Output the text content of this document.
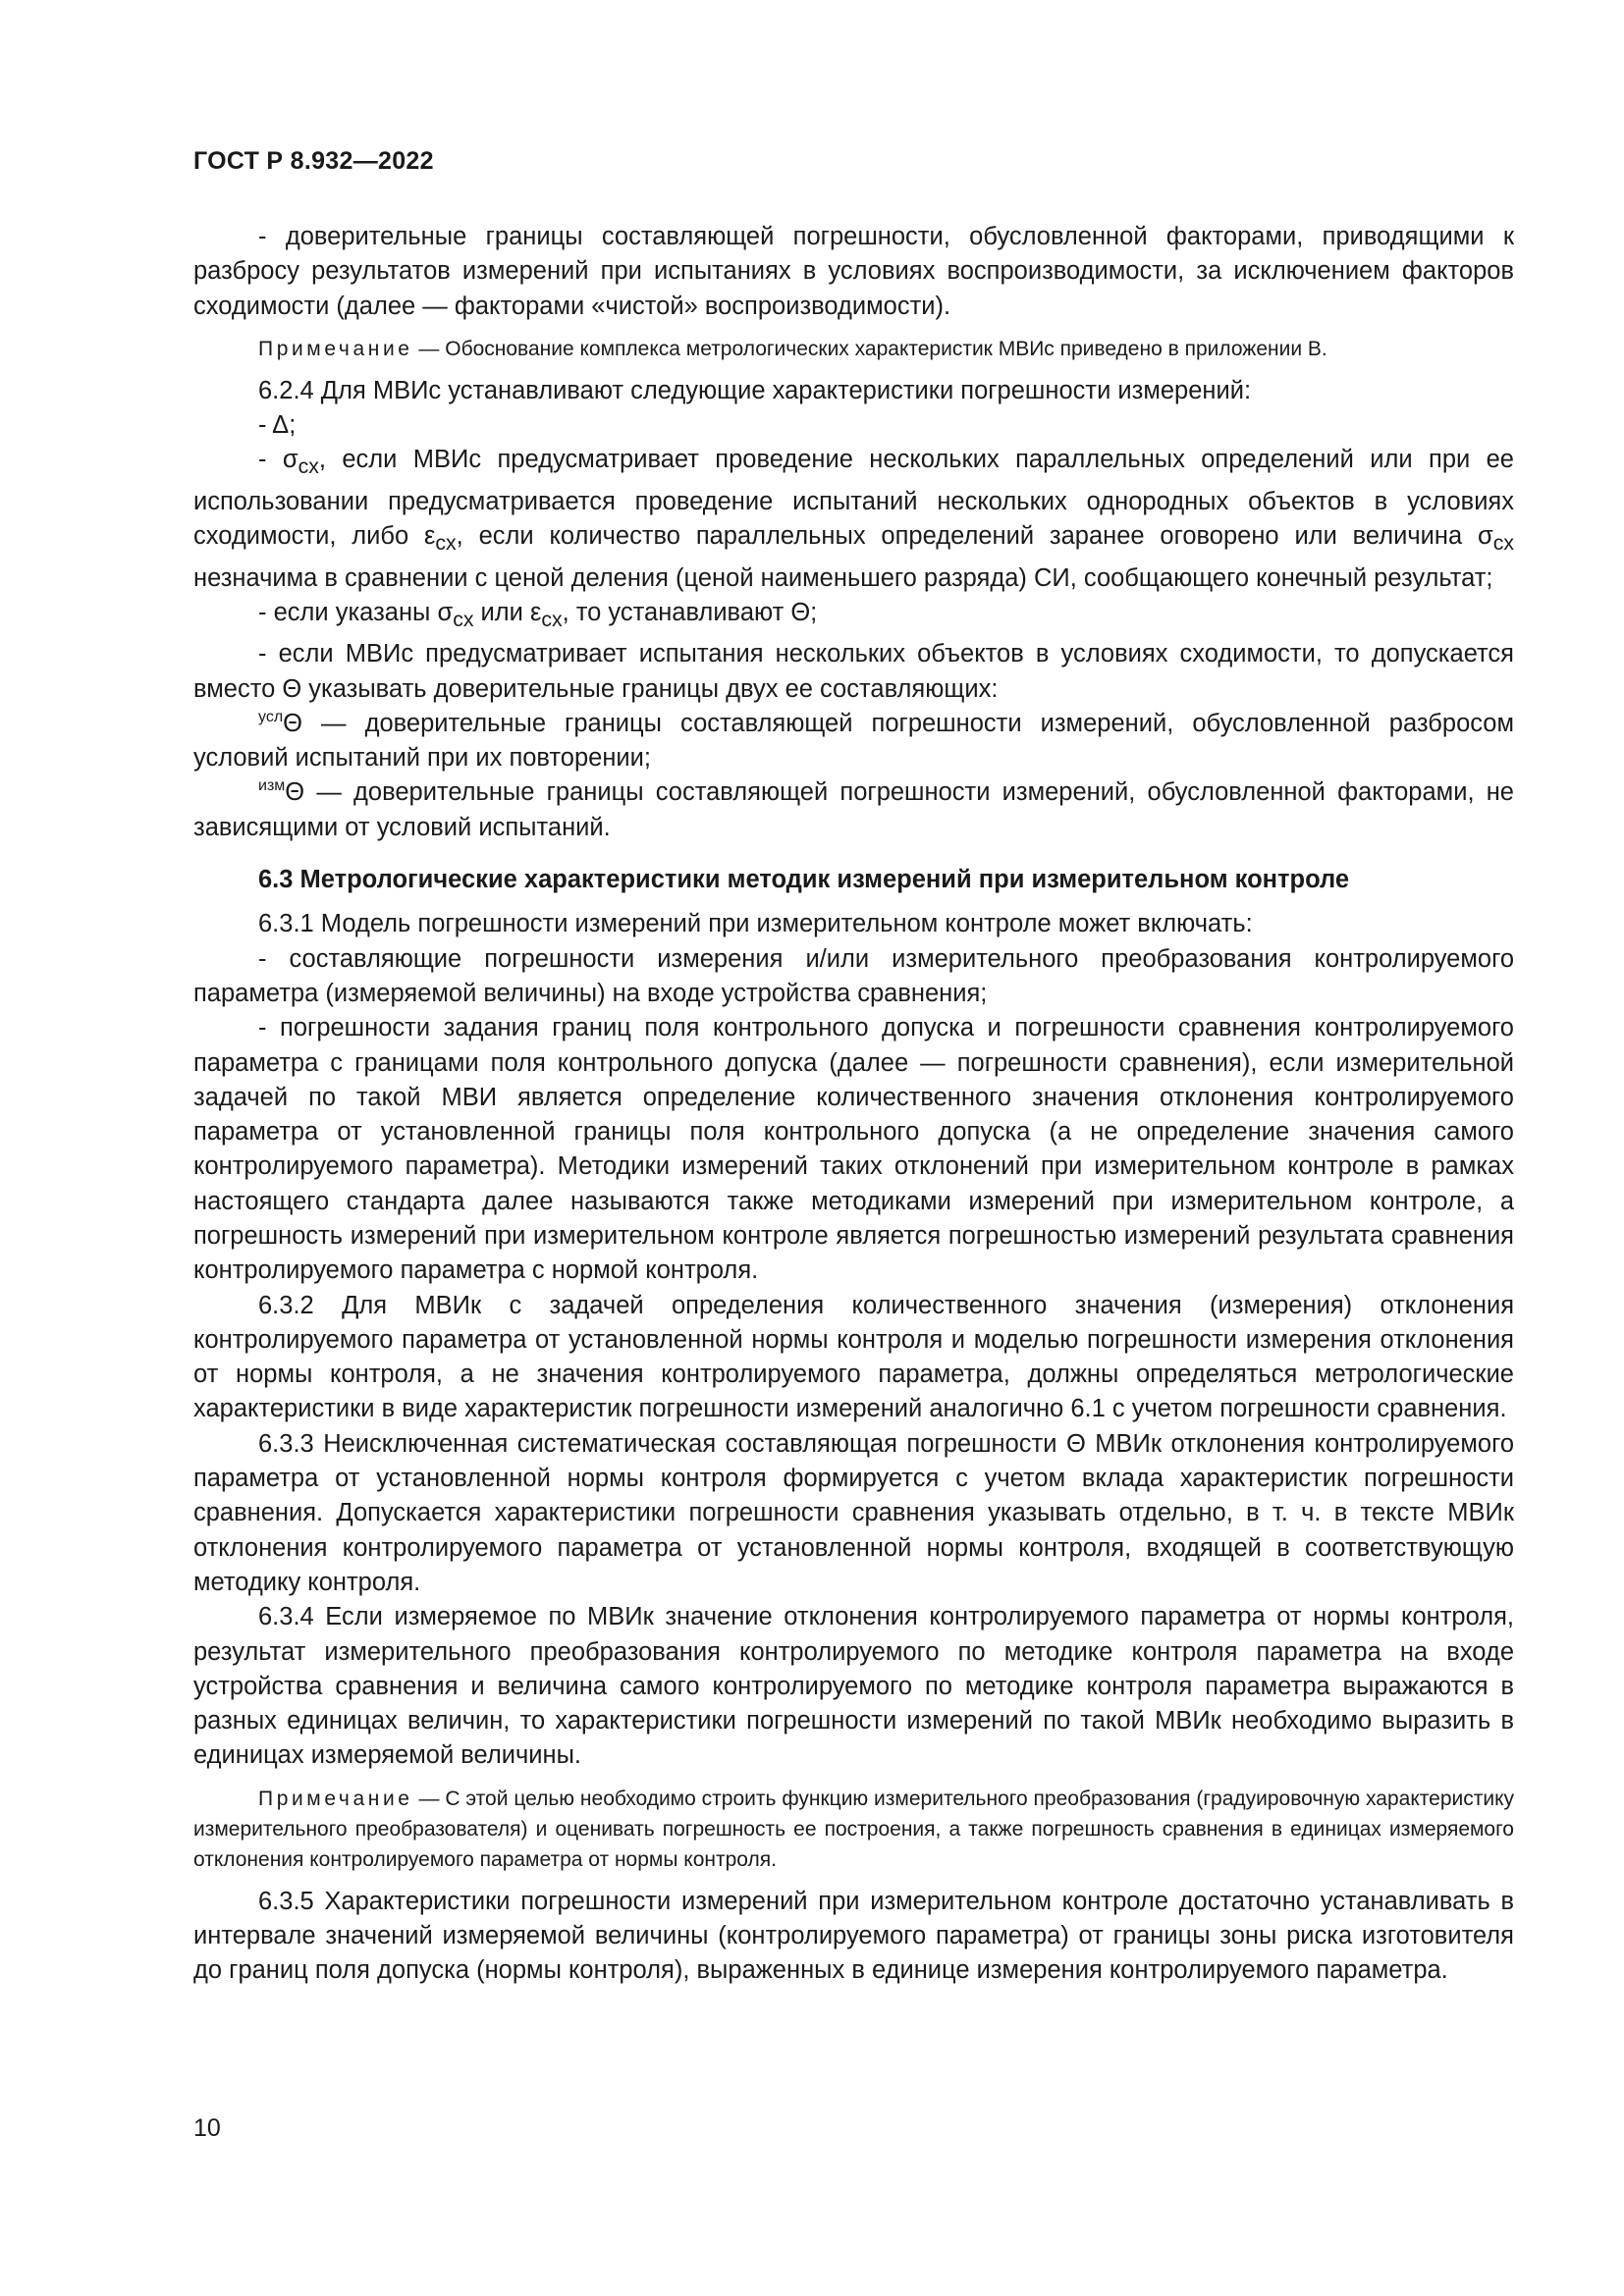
ГОСТ Р 8.932—2022

- доверительные границы составляющей погрешности, обусловленной факторами, приводящими к разбросу результатов измерений при испытаниях в условиях воспроизводимости, за исключением факторов сходимости (далее — факторами «чистой» воспроизводимости).

Примечание — Обоснование комплекса метрологических характеристик МВИс приведено в приложении В.

6.2.4 Для МВИс устанавливают следующие характеристики погрешности измерений:

- Δ;

- $\sigma_{cx}$, если МВИс предусматривает проведение нескольких параллельных определений или при ее использовании предусматривается проведение испытаний нескольких однородных объектов в условиях сходимости, либо $\varepsilon_{cx}$, если количество параллельных определений заранее оговорено или величина $\sigma_{cx}$ незначима в сравнении с ценой деления (ценой наименьшего разряда) СИ, сообщающего конечный результат;

- если указаны $\sigma_{cx}$ или $\varepsilon_{cx}$, то устанавливают Θ;

- если МВИс предусматривает испытания нескольких объектов в условиях сходимости, то допускается вместо Θ указывать доверительные границы двух ее составляющих:

$^{усл}$Θ — доверительные границы составляющей погрешности измерений, обусловленной разбросом условий испытаний при их повторении;

$^{изм}$Θ — доверительные границы составляющей погрешности измерений, обусловленной факторами, не зависящими от условий испытаний.

6.3 Метрологические характеристики методик измерений при измерительном контроле

6.3.1 Модель погрешности измерений при измерительном контроле может включать:

- составляющие погрешности измерения и/или измерительного преобразования контролируемого параметра (измеряемой величины) на входе устройства сравнения;

- погрешности задания границ поля контрольного допуска и погрешности сравнения контролируемого параметра с границами поля контрольного допуска (далее — погрешности сравнения), если измерительной задачей по такой МВИ является определение количественного значения отклонения контролируемого параметра от установленной границы поля контрольного допуска (а не определение значения самого контролируемого параметра). Методики измерений таких отклонений при измерительном контроле в рамках настоящего стандарта далее называются также методиками измерений при измерительном контроле, а погрешность измерений при измерительном контроле является погрешностью измерений результата сравнения контролируемого параметра с нормой контроля.

6.3.2 Для МВИк с задачей определения количественного значения (измерения) отклонения контролируемого параметра от установленной нормы контроля и моделью погрешности измерения отклонения от нормы контроля, а не значения контролируемого параметра, должны определяться метрологические характеристики в виде характеристик погрешности измерений аналогично 6.1 с учетом погрешности сравнения.

6.3.3 Неисключенная систематическая составляющая погрешности Θ МВИк отклонения контролируемого параметра от установленной нормы контроля формируется с учетом вклада характеристик погрешности сравнения. Допускается характеристики погрешности сравнения указывать отдельно, в т. ч. в тексте МВИк отклонения контролируемого параметра от установленной нормы контроля, входящей в соответствующую методику контроля.

6.3.4 Если измеряемое по МВИк значение отклонения контролируемого параметра от нормы контроля, результат измерительного преобразования контролируемого по методике контроля параметра на входе устройства сравнения и величина самого контролируемого по методике контроля параметра выражаются в разных единицах величин, то характеристики погрешности измерений по такой МВИк необходимо выразить в единицах измеряемой величины.

Примечание — С этой целью необходимо строить функцию измерительного преобразования (градуировочную характеристику измерительного преобразователя) и оценивать погрешность ее построения, а также погрешность сравнения в единицах измеряемого отклонения контролируемого параметра от нормы контроля.

6.3.5 Характеристики погрешности измерений при измерительном контроле достаточно устанавливать в интервале значений измеряемой величины (контролируемого параметра) от границы зоны риска изготовителя до границ поля допуска (нормы контроля), выраженных в единице измерения контролируемого параметра.

10
